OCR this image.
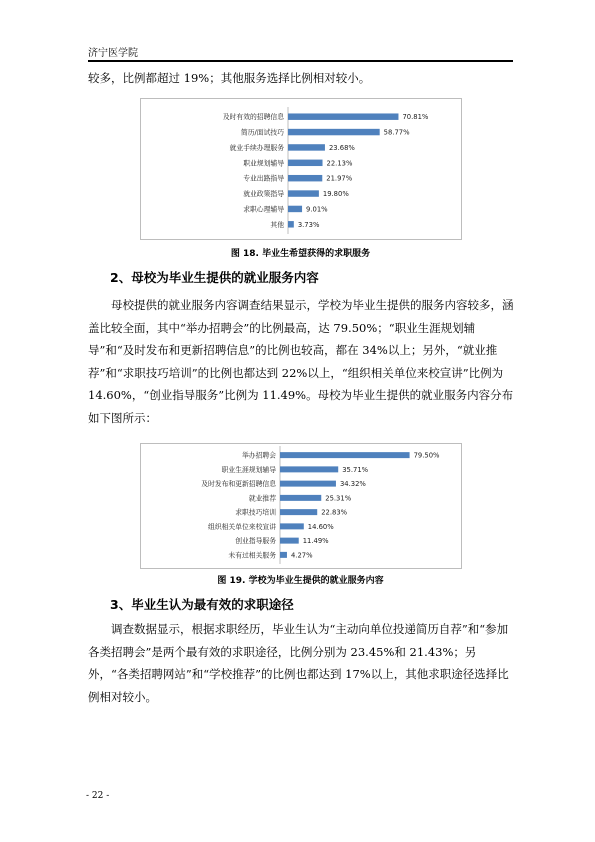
济宁医学院

较多，比例都超过 19%；其他服务选择比例相对较小。

及时有效的招聘信息	70.81%
简历/面试技巧	58.77%
就业手续办理服务	23.68%
职业规划辅导	22.13%
专业出路指导	21.97%
就业政策指导	19.80%
求职心理辅导	9.01%
其他 3.73%
图 18. 毕业生希望获得的求职服务
2、母校为毕业生提供的就业服务内容

母校提供的就业服务内容调查结果显示，学校为毕业生提供的服务内容较多，涵盖比较全面，其中“举办招聘会”的比例最高，达 79.50%；“职业生涯规划辅导”和“及时发布和更新招聘信息”的比例也较高，都在 34%以上；另外，“就业推荐”和“求职技巧培训”的比例也都达到 22%以上，“组织相关单位来校宣讲”比例为 14.60%，“创业指导服务”比例为 11.49%。母校为毕业生提供的就业服务内容分布如下图所示：

举办招聘会	79.50%
职业生涯规划辅导	35.71%
及时发布和更新招聘信息	34.32%
就业推荐	25.31%
求职技巧培训	22.83%
组织相关单位来校宣讲	14.60%
创业指导服务	11.49%
未有过相关服务 4.27%
图 19. 学校为毕业生提供的就业服务内容
3、毕业生认为最有效的求职途径

调查数据显示，根据求职经历，毕业生认为“主动向单位投递简历自荐”和“参加各类招聘会”是两个最有效的求职途径，比例分别为 23.45%和 21.43%；另外，“各类招聘网站”和“学校推荐”的比例也都达到 17%以上，其他求职途径选择比例相对较小。

- 22 -
